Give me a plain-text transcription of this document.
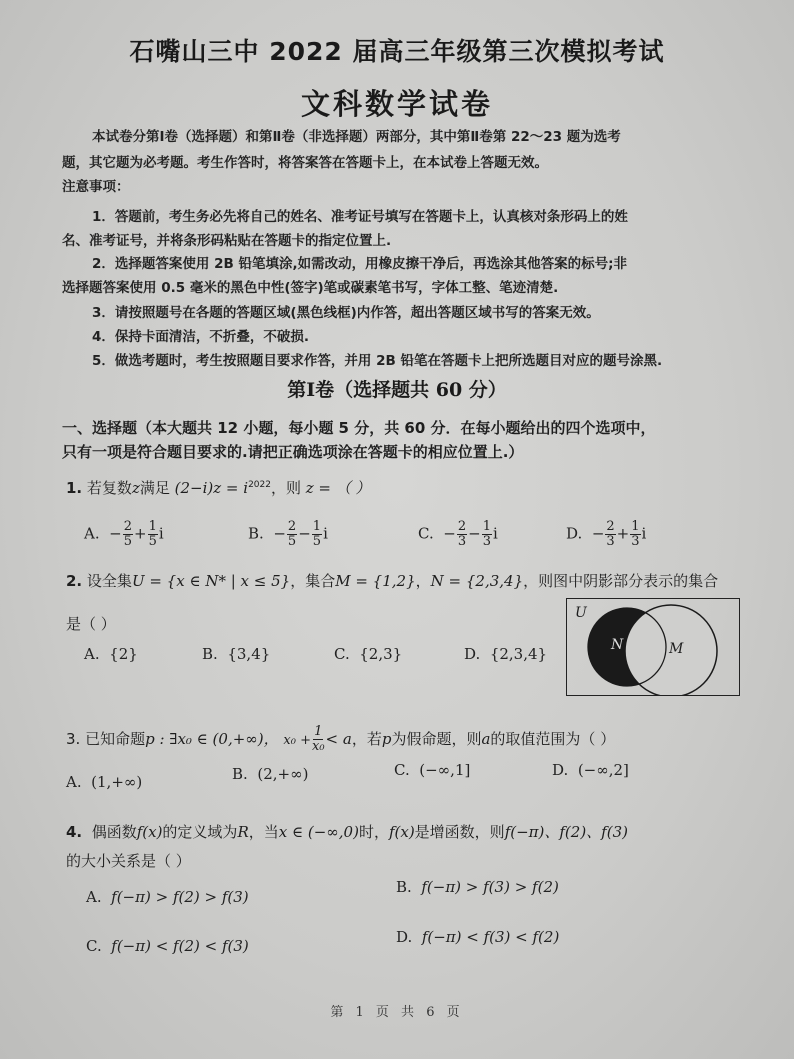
石嘴山三中 2022 届高三年级第三次模拟考试
文科数学试卷
本试卷分第Ⅰ卷（选择题）和第Ⅱ卷（非选择题）两部分，其中第Ⅱ卷第 22～23 题为选考
题，其它题为必考题。考生作答时，将答案答在答题卡上，在本试卷上答题无效。
注意事项：
1．答题前，考生务必先将自己的姓名、准考证号填写在答题卡上，认真核对条形码上的姓
名、准考证号，并将条形码粘贴在答题卡的指定位置上.
2．选择题答案使用 2B 铅笔填涂,如需改动，用橡皮擦干净后，再选涂其他答案的标号;非
选择题答案使用 0.5 毫米的黑色中性(签字)笔或碳素笔书写，字体工整、笔迹清楚.
3．请按照题号在各题的答题区域(黑色线框)内作答，超出答题区域书写的答案无效。
4．保持卡面清洁，不折叠，不破损.
5．做选考题时，考生按照题目要求作答，并用 2B 铅笔在答题卡上把所选题目对应的题号涂黑.
第Ⅰ卷（选择题共 60 分）
一、选择题（本大题共 12 小题，每小题 5 分，共 60 分．在每小题给出的四个选项中，
只有一项是符合题目要求的.请把正确选项涂在答题卡的相应位置上.）
1. 若复数z满足 $(2-i)z = i^{2022}$，则 z = （ ）
A. − $\frac{2}{5} + \frac{1}{5}$ i	B. − $\frac{2}{5} - \frac{1}{5}$ i	C. − $\frac{2}{3} - \frac{1}{3}$ i	D. − $\frac{2}{3} + \frac{1}{3}$ i
2. 设全集U = {x ∈ N* | x ≤ 5}，集合M = {1,2}，N = {2,3,4}，则图中阴影部分表示的集合
是（ ）
A. {2}	B. {3,4}	C. {2,3}	D. {2,3,4}
U
N	M
3. 已知命题p : ∃x₀ ∈ (0,+∞)， $x_0 + \frac{1}{\text{x₀}} < a$，若p为假命题，则a的取值范围为（ ）
A. (1,+∞)	B. (2,+∞)	C. (−∞,1]	D. (−∞,2]
4. 偶函数f(x)的定义域为R，当x ∈ (−∞,0)时，f(x)是增函数，则f(−π)、f(2)、f(3)
的大小关系是（ ）
A. f(−π) > f(2) > f(3)
B. f(−π) > f(3) > f(2)
C. f(−π) < f(2) < f(3)	D. f(−π) < f(3) < f(2)
第 1 页 共 6 页
